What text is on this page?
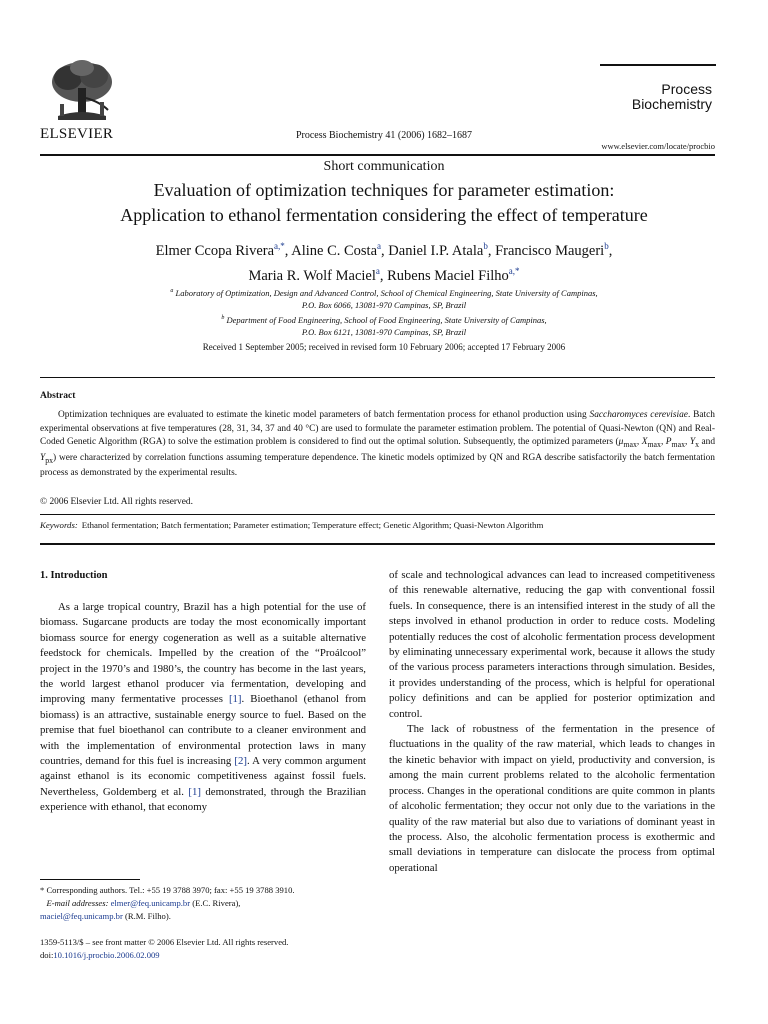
ELSEVIER	Process Biochemistry 41 (2006) 1682–1687
Process
Biochemistry
www.elsevier.com/locate/procbio
Short communication
Evaluation of optimization techniques for parameter estimation:
Application to ethanol fermentation considering the effect of temperature
Elmer Ccopa Rivera$^{a,*}$, Aline C. Costa$^a$, Daniel I.P. Atala$^b$, Francisco Maugeri$^b$,
Maria R. Wolf Maciel$^a$, Rubens Maciel Filho$^{a,*}$
$^a$ Laboratory of Optimization, Design and Advanced Control, School of Chemical Engineering, State University of Campinas,
P.O. Box 6066, 13081-970 Campinas, SP, Brazil
$^b$ Department of Food Engineering, School of Food Engineering, State University of Campinas,
P.O. Box 6121, 13081-970 Campinas, SP, Brazil
Received 1 September 2005; received in revised form 10 February 2006; accepted 17 February 2006
Abstract

Optimization techniques are evaluated to estimate the kinetic model parameters of batch fermentation process for ethanol production using Saccharomyces cerevisiae. Batch experimental observations at five temperatures (28, 31, 34, 37 and 40 °C) are used to formulate the parameter estimation problem. The potential of Quasi-Newton (QN) and Real-Coded Genetic Algorithm (RGA) to solve the estimation problem is considered to find out the optimal solution. Subsequently, the optimized parameters ($\mu_{max}$, $X_{max}$, $P_{max}$, $Y_x$ and $Y_{px}$) were characterized by correlation functions assuming temperature dependence. The kinetic models optimized by QN and RGA describe satisfactorily the batch fermentation process as demonstrated by the experimental results.

© 2006 Elsevier Ltd. All rights reserved.
Keywords: Ethanol fermentation; Batch fermentation; Parameter estimation; Temperature effect; Genetic Algorithm; Quasi-Newton Algorithm
1. Introduction

As a large tropical country, Brazil has a high potential for the use of biomass. Sugarcane products are today the most economically important biomass source for energy cogeneration as well as a suitable alternative feedstock for chemicals. Impelled by the creation of the “Proálcool” project in the 1970’s and 1980’s, the country has become in the last years, the world largest ethanol producer via fermentation, developing and improving many fermentative processes [1]. Bioethanol (ethanol from biomass) is an attractive, sustainable energy source to fuel. Based on the premise that fuel bioethanol can contribute to a cleaner environment and with the implementation of environmental protection laws in many countries, demand for this fuel is increasing [2]. A very common argument against ethanol is its economic competitiveness against fossil fuels. Nevertheless, Goldemberg et al. [1] demonstrated, through the Brazilian experience with ethanol, that economy

of scale and technological advances can lead to increased competitiveness of this renewable alternative, reducing the gap with conventional fossil fuels. In consequence, there is an intensified interest in the study of all the steps involved in ethanol production in order to reduce costs. Modeling potentially reduces the cost of alcoholic fermentation process development by eliminating unnecessary experimental work, because it allows the study of the various process parameters interactions through simulation. Besides, it provides understanding of the process, which is helpful for operational policy definitions and can be applied for posterior optimization and control.

The lack of robustness of the fermentation in the presence of fluctuations in the quality of the raw material, which leads to changes in the kinetic behavior with impact on yield, productivity and conversion, is among the main current problems related to the alcoholic fermentation process. Changes in the operational conditions are quite common in plants of alcoholic fermentation; they occur not only due to the variations in the quality of the raw material but also due to variations of dominant yeast in the process. Also, the alcoholic fermentation process is exothermic and small deviations in temperature can dislocate the process from optimal operational

* Corresponding authors. Tel.: +55 19 3788 3970; fax: +55 19 3788 3910.
E-mail addresses: elmer@feq.unicamp.br (E.C. Rivera),
maciel@feq.unicamp.br (R.M. Filho).
1359-5113/$ – see front matter © 2006 Elsevier Ltd. All rights reserved.
doi:10.1016/j.procbio.2006.02.009
